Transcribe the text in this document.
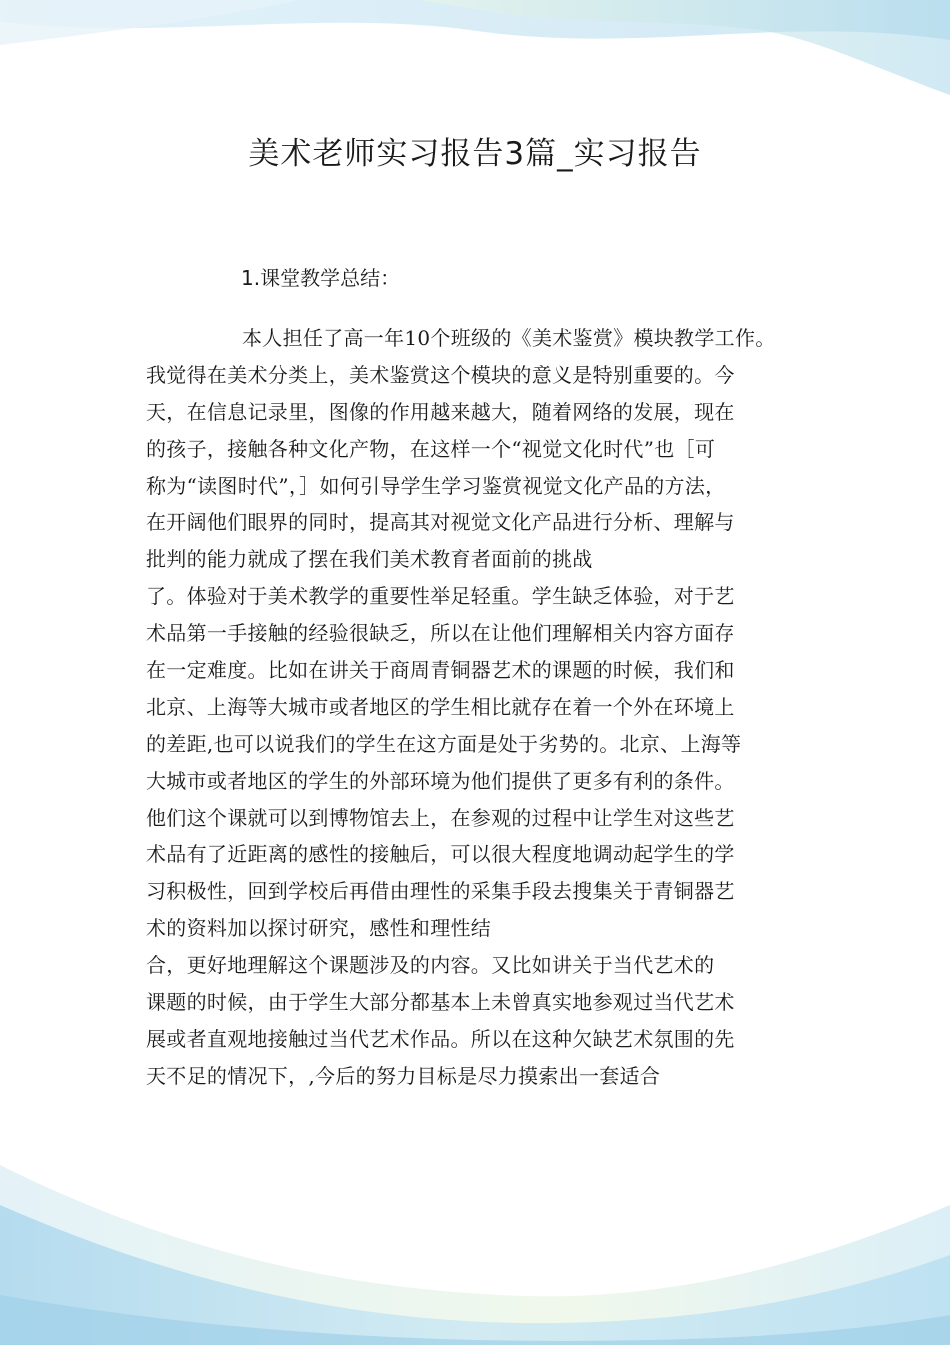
美术老师实习报告3篇_实习报告
1.课堂教学总结：
本人担任了高一年10个班级的《美术鉴赏》模块教学工作。
我觉得在美术分类上，美术鉴赏这个模块的意义是特别重要的。今
天，在信息记录里，图像的作用越来越大，随着网络的发展，现在
的孩子，接触各种文化产物，在这样一个“视觉文化时代”也［可
称为“读图时代”，］如何引导学生学习鉴赏视觉文化产品的方法，
在开阔他们眼界的同时，提高其对视觉文化产品进行分析、理解与
批判的能力就成了摆在我们美术教育者面前的挑战
了。体验对于美术教学的重要性举足轻重。学生缺乏体验，对于艺
术品第一手接触的经验很缺乏，所以在让他们理解相关内容方面存
在一定难度。比如在讲关于商周青铜器艺术的课题的时候，我们和
北京、上海等大城市或者地区的学生相比就存在着一个外在环境上
的差距,也可以说我们的学生在这方面是处于劣势的。北京、上海等
大城市或者地区的学生的外部环境为他们提供了更多有利的条件。
他们这个课就可以到博物馆去上，在参观的过程中让学生对这些艺
术品有了近距离的感性的接触后，可以很大程度地调动起学生的学
习积极性，回到学校后再借由理性的采集手段去搜集关于青铜器艺
术的资料加以探讨研究，感性和理性结
合，更好地理解这个课题涉及的内容。又比如讲关于当代艺术的
课题的时候，由于学生大部分都基本上未曾真实地参观过当代艺术
展或者直观地接触过当代艺术作品。所以在这种欠缺艺术氛围的先
天不足的情况下，,今后的努力目标是尽力摸索出一套适合
